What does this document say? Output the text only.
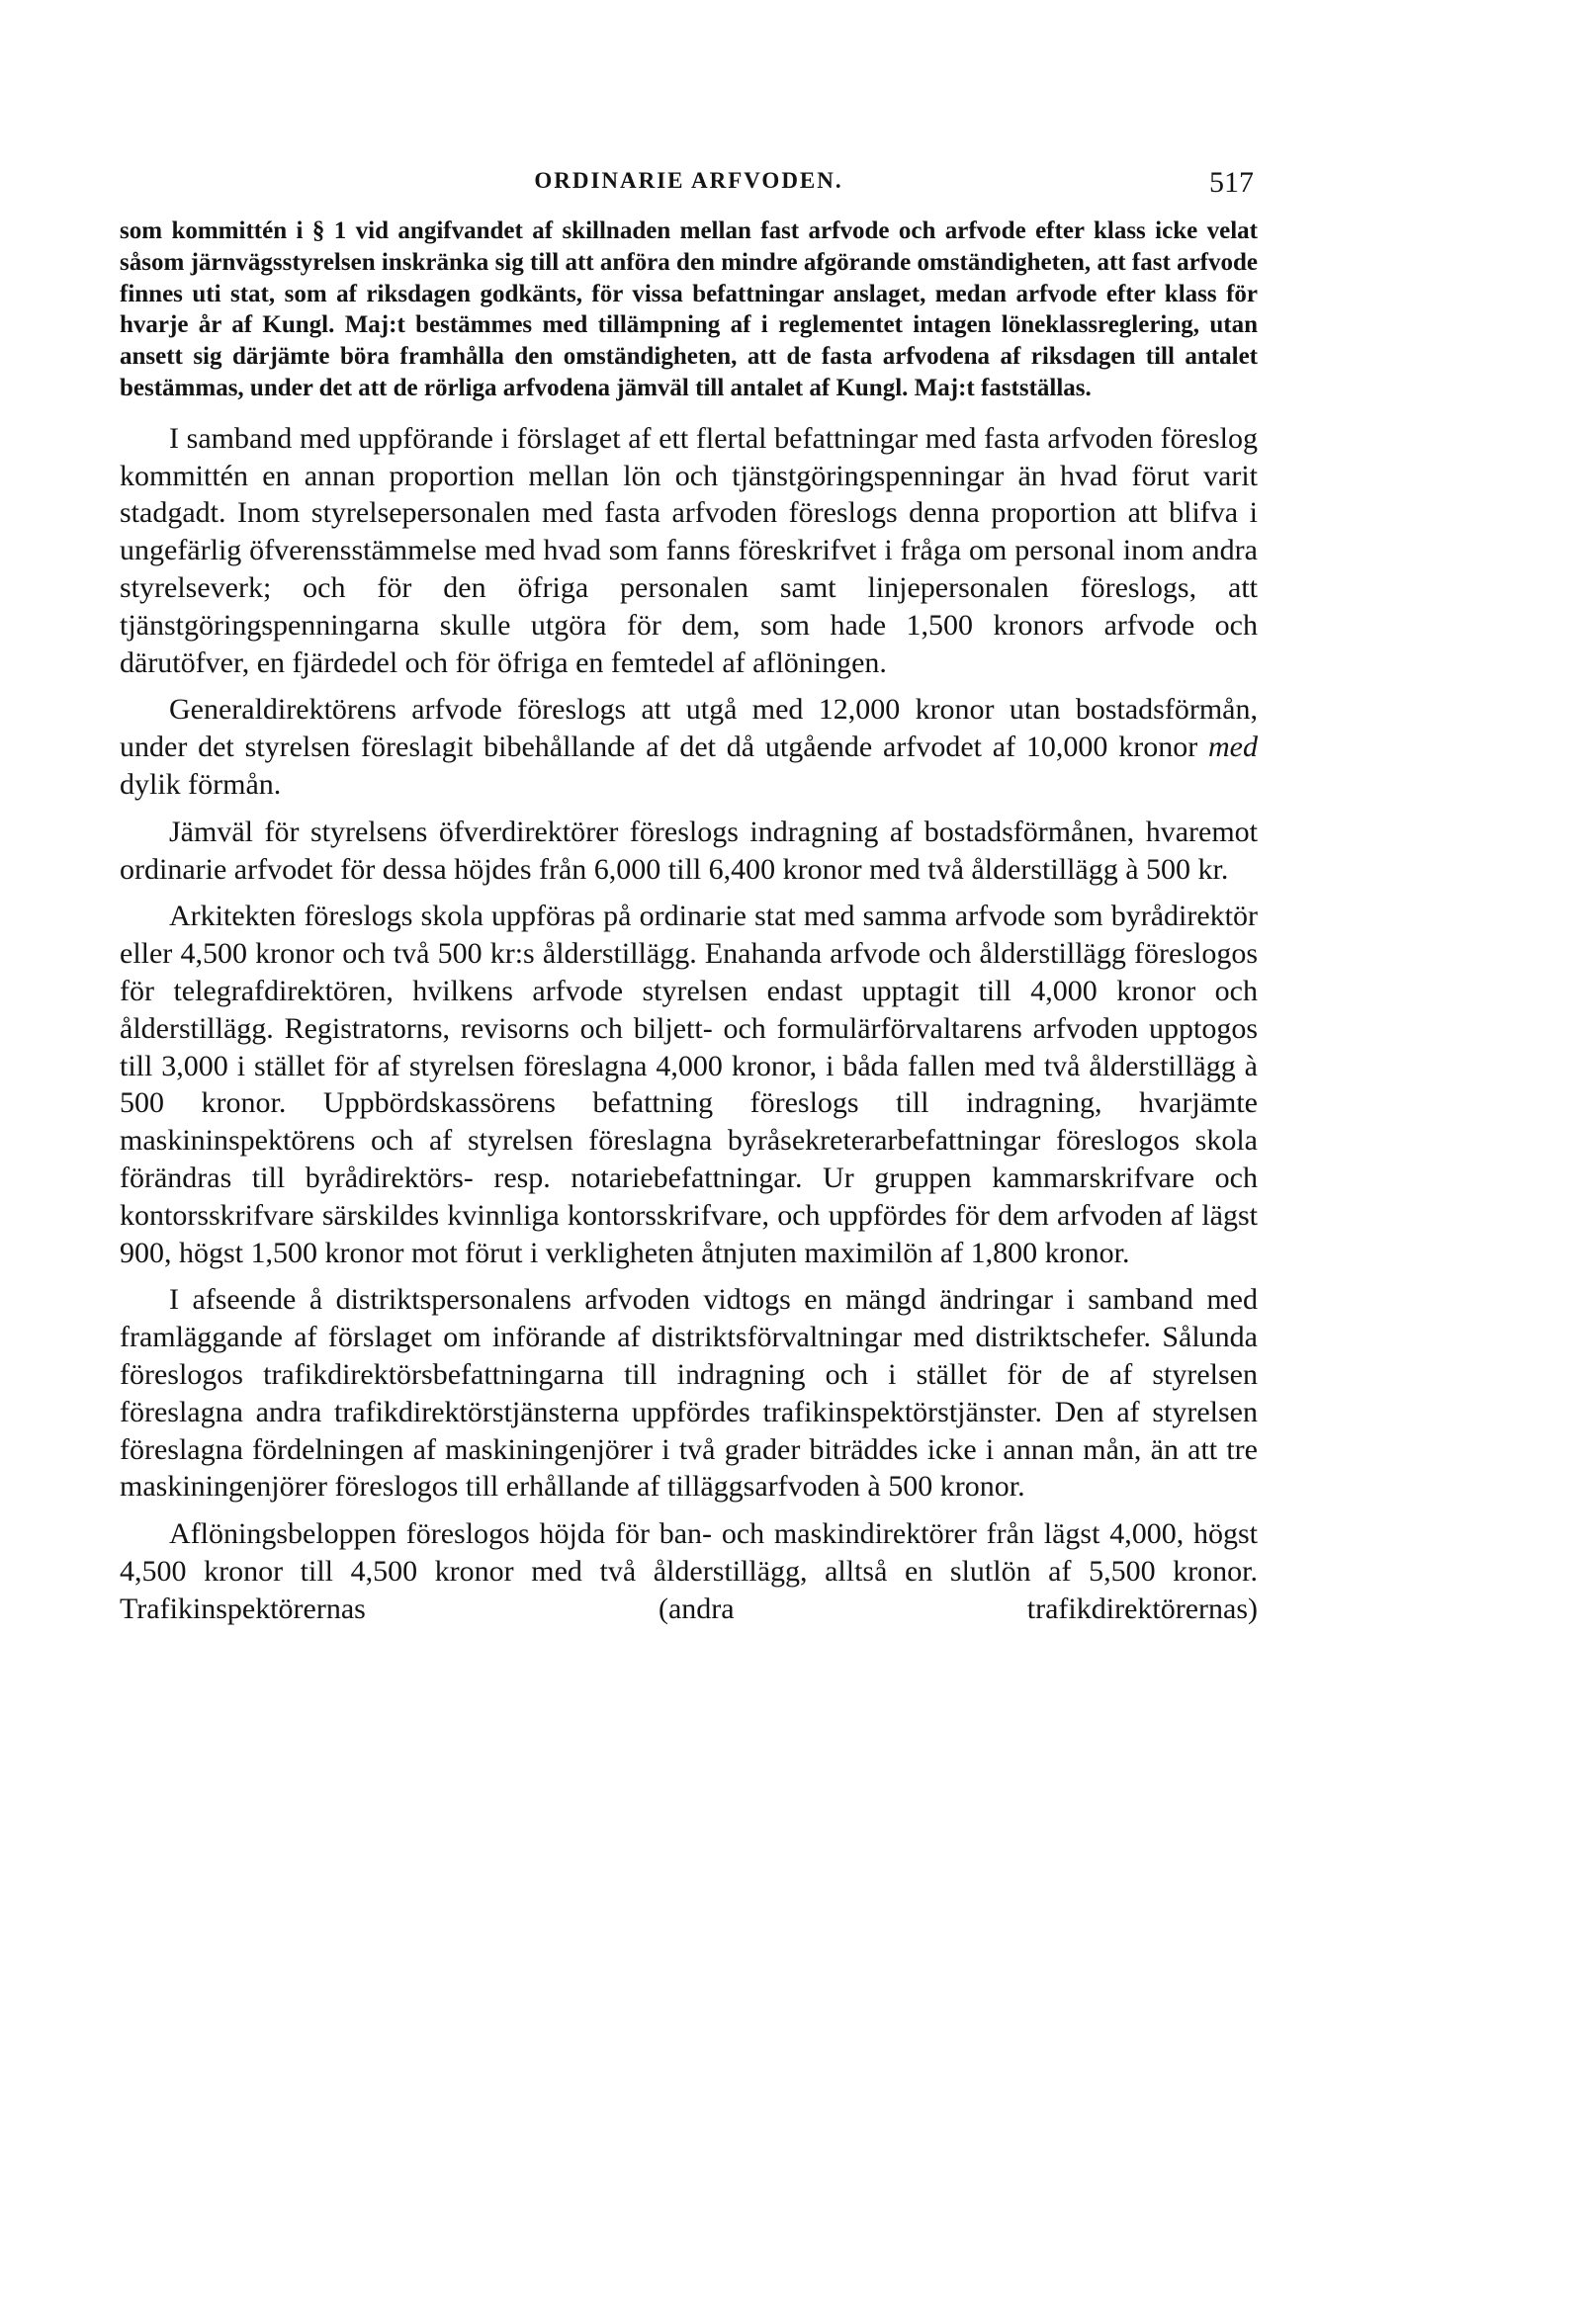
ORDINARIE ARFVODEN.	517

som kommittén i § 1 vid angifvandet af skillnaden mellan fast arfvode och arfvode efter klass icke velat såsom järnvägsstyrelsen inskränka sig till att anföra den mindre afgörande omständigheten, att fast arfvode finnes uti stat, som af riksdagen godkänts, för vissa befattningar anslaget, medan arfvode efter klass för hvarje år af Kungl. Maj:t bestämmes med tillämpning af i reglementet intagen löneklassreglering, utan ansett sig därjämte böra framhålla den omständigheten, att de fasta arfvodena af riksdagen till antalet bestämmas, under det att de rörliga arfvodena jämväl till antalet af Kungl. Maj:t fastställas.

I samband med uppförande i förslaget af ett flertal befattningar med fasta arfvoden föreslog kommittén en annan proportion mellan lön och tjänstgöringspenningar än hvad förut varit stadgadt. Inom styrelsepersonalen med fasta arfvoden föreslogs denna proportion att blifva i ungefärlig öfverensstämmelse med hvad som fanns föreskrifvet i fråga om personal inom andra styrelseverk; och för den öfriga personalen samt linjepersonalen föreslogs, att tjänstgöringspenningarna skulle utgöra för dem, som hade 1,500 kronors arfvode och därutöfver, en fjärdedel och för öfriga en femtedel af aflöningen.

Generaldirektörens arfvode föreslogs att utgå med 12,000 kronor utan bostadsförmån, under det styrelsen föreslagit bibehållande af det då utgående arfvodet af 10,000 kronor med dylik förmån.

Jämväl för styrelsens öfverdirektörer föreslogs indragning af bostadsförmånen, hvaremot ordinarie arfvodet för dessa höjdes från 6,000 till 6,400 kronor med två ålderstillägg à 500 kr.

Arkitekten föreslogs skola uppföras på ordinarie stat med samma arfvode som byrådirektör eller 4,500 kronor och två 500 kr:s ålderstillägg. Enahanda arfvode och ålderstillägg föreslogos för telegrafdirektören, hvilkens arfvode styrelsen endast upptagit till 4,000 kronor och ålderstillägg. Registratorns, revisorns och biljett- och formulärförvaltarens arfvoden upptogos till 3,000 i stället för af styrelsen föreslagna 4,000 kronor, i båda fallen med två ålderstillägg à 500 kronor. Uppbördskassörens befattning föreslogs till indragning, hvarjämte maskininspektörens och af styrelsen föreslagna byråsekreterarbefattningar föreslogos skola förändras till byrådirektörs- resp. notariebefattningar. Ur gruppen kammarskrifvare och kontorsskrifvare särskildes kvinnliga kontorsskrifvare, och uppfördes för dem arfvoden af lägst 900, högst 1,500 kronor mot förut i verkligheten åtnjuten maximilön af 1,800 kronor.

I afseende å distriktspersonalens arfvoden vidtogs en mängd ändringar i samband med framläggande af förslaget om införande af distriktsförvaltningar med distriktschefer. Sålunda föreslogos trafikdirektörsbefattningarna till indragning och i stället för de af styrelsen föreslagna andra trafikdirektörstjänsterna uppfördes trafikinspektörstjänster. Den af styrelsen föreslagna fördelningen af maskiningenjörer i två grader biträddes icke i annan mån, än att tre maskiningenjörer föreslogos till erhållande af tilläggsarfvoden à 500 kronor.

Aflöningsbeloppen föreslogos höjda för ban- och maskindirektörer från lägst 4,000, högst 4,500 kronor till 4,500 kronor med två ålderstillägg, alltså en slutlön af 5,500 kronor. Trafikinspektörernas (andra trafikdirektörernas)
